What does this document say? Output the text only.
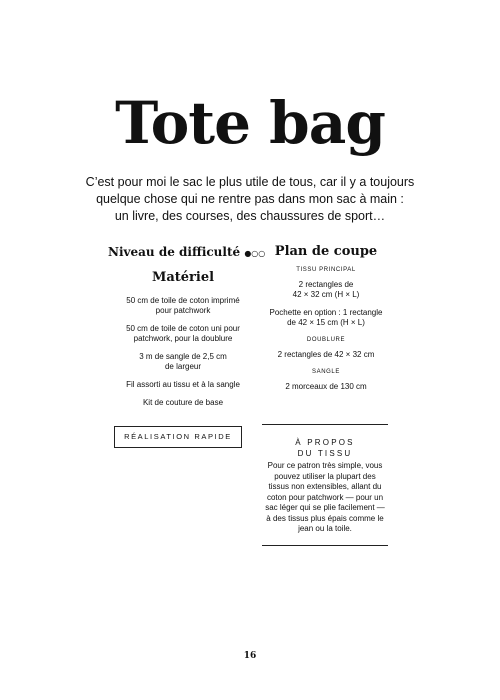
Tote bag
C’est pour moi le sac le plus utile de tous, car il y a toujours
quelque chose qui ne rentre pas dans mon sac à main :
un livre, des courses, des chaussures de sport…
Niveau de difficulté ●○○
Matériel
50 cm de toile de coton imprimé
pour patchwork
50 cm de toile de coton uni pour
patchwork, pour la doublure
3 m de sangle de 2,5 cm
de largeur
Fil assorti au tissu et à la sangle
Kit de couture de base
Plan de coupe
TISSU PRINCIPAL
2 rectangles de
42 × 32 cm (H × L)
Pochette en option : 1 rectangle
de 42 × 15 cm (H × L)
DOUBLURE
2 rectangles de 42 × 32 cm
SANGLE
2 morceaux de 130 cm
RÉALISATION RAPIDE
À PROPOS
DU TISSU
Pour ce patron très simple, vous
pouvez utiliser la plupart des
tissus non extensibles, allant du
coton pour patchwork — pour un
sac léger qui se plie facilement —
à des tissus plus épais comme le
jean ou la toile.
16
